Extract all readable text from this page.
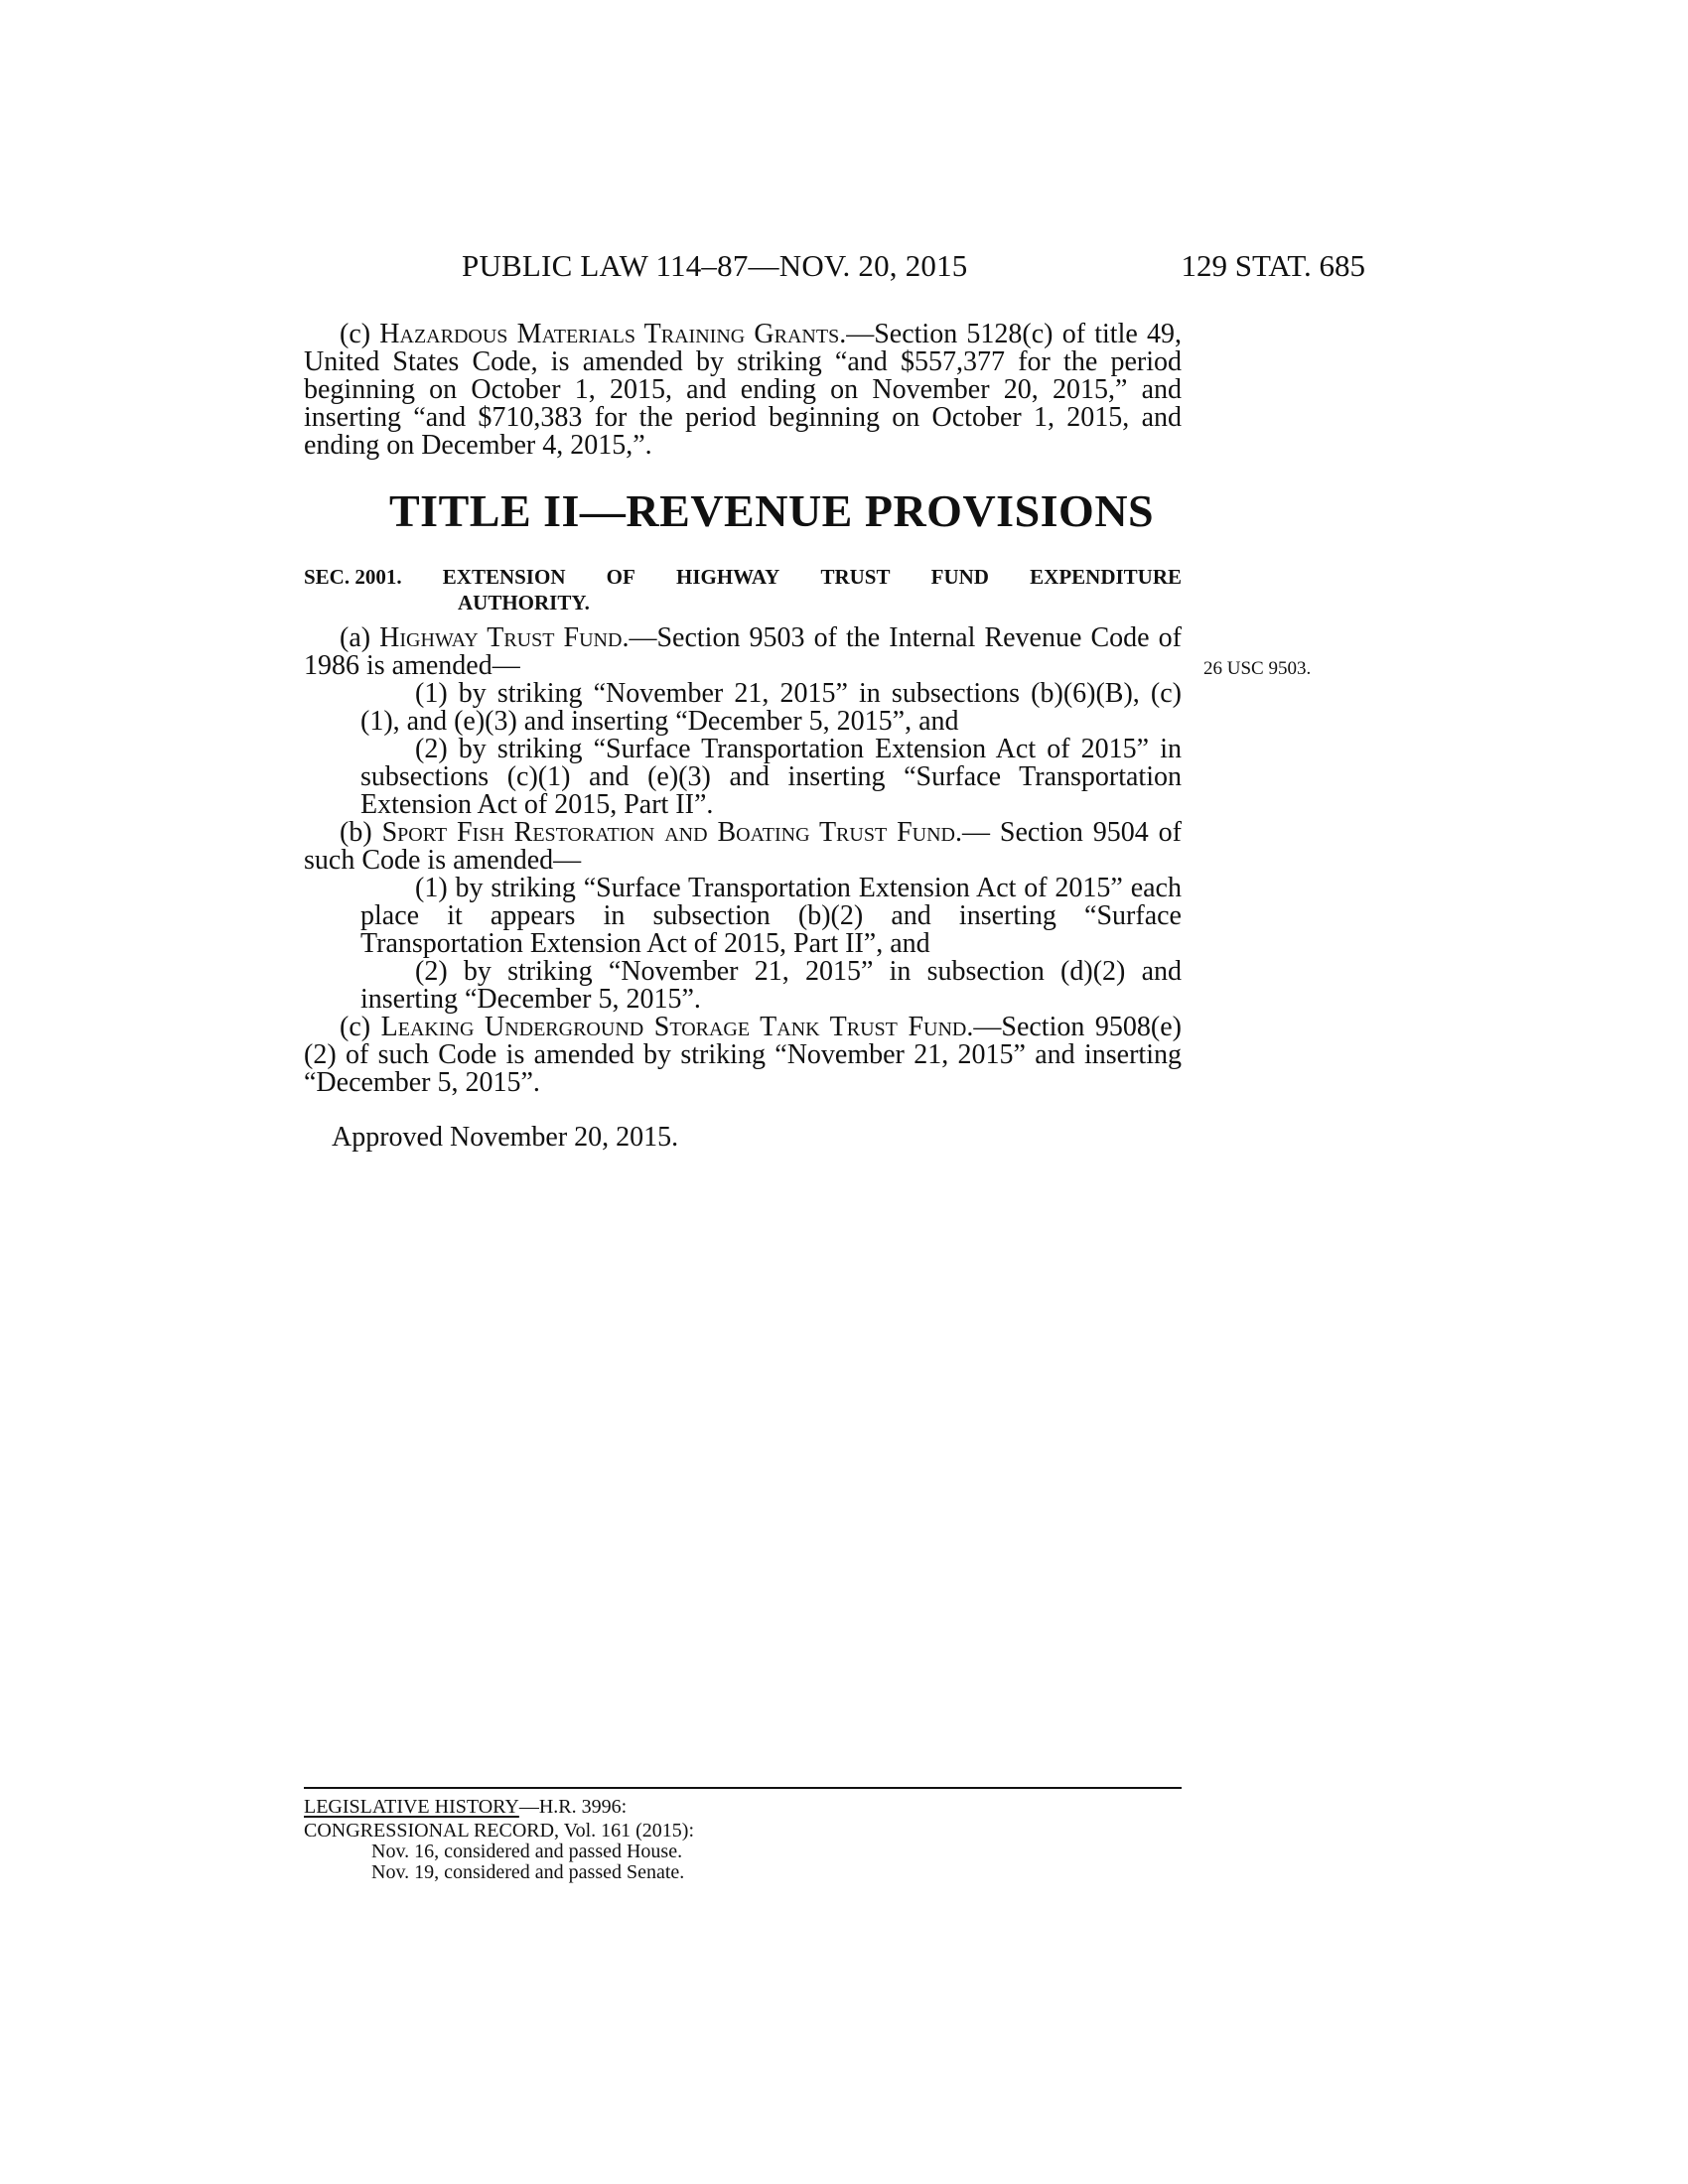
PUBLIC LAW 114–87—NOV. 20, 2015	129 STAT. 685

(c) Hazardous Materials Training Grants.—Section 5128(c) of title 49, United States Code, is amended by striking “and $557,377 for the period beginning on October 1, 2015, and ending on November 20, 2015,” and inserting “and $710,383 for the period beginning on October 1, 2015, and ending on December 4, 2015,”.

TITLE II—REVENUE PROVISIONS
SEC. 2001. EXTENSION OF HIGHWAY TRUST FUND EXPENDITURE
AUTHORITY.
26 USC 9503.

(a) Highway Trust Fund.—Section 9503 of the Internal Revenue Code of 1986 is amended—

(1) by striking “November 21, 2015” in subsections (b)(6)(B), (c)(1), and (e)(3) and inserting “December 5, 2015”, and

(2) by striking “Surface Transportation Extension Act of 2015” in subsections (c)(1) and (e)(3) and inserting “Surface Transportation Extension Act of 2015, Part II”.

(b) Sport Fish Restoration and Boating Trust Fund.— Section 9504 of such Code is amended—

(1) by striking “Surface Transportation Extension Act of 2015” each place it appears in subsection (b)(2) and inserting “Surface Transportation Extension Act of 2015, Part II”, and

(2) by striking “November 21, 2015” in subsection (d)(2) and inserting “December 5, 2015”.

(c) Leaking Underground Storage Tank Trust Fund.—Section 9508(e)(2) of such Code is amended by striking “November 21, 2015” and inserting “December 5, 2015”.

Approved November 20, 2015.
LEGISLATIVE HISTORY—H.R. 3996:
CONGRESSIONAL RECORD, Vol. 161 (2015):
Nov. 16, considered and passed House.
Nov. 19, considered and passed Senate.
